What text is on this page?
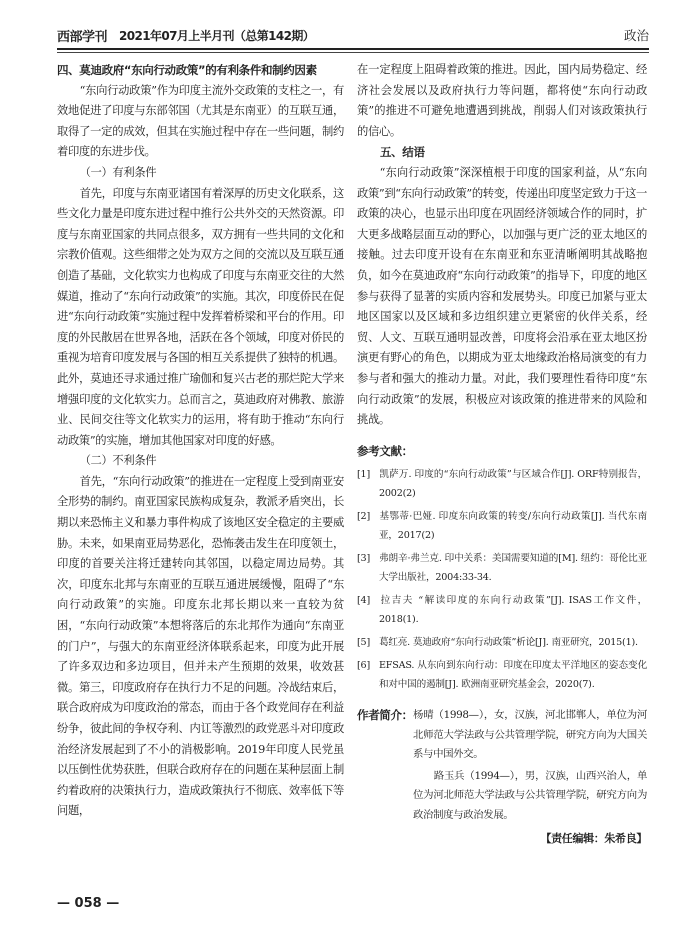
西部学刊 2021年07月上半月刊（总第142期）	政治

四、莫迪政府“东向行动政策”的有利条件和制约因素

“东向行动政策”作为印度主流外交政策的支柱之一，有效地促进了印度与东部邻国（尤其是东南亚）的互联互通，取得了一定的成效，但其在实施过程中存在一些问题，制约着印度的东进步伐。

（一）有利条件

首先，印度与东南亚诸国有着深厚的历史文化联系，这些文化力量是印度东进过程中推行公共外交的天然资源。印度与东南亚国家的共同点很多，双方拥有一些共同的文化和宗教价值观。这些细带之处为双方之间的交流以及互联互通创造了基础，文化软实力也构成了印度与东南亚交往的大然媒道，推动了“东向行动政策”的实施。其次，印度侨民在促进“东向行动政策”实施过程中发挥着桥梁和平台的作用。印度的外民散居在世界各地，活跃在各个领域，印度对侨民的重视为培育印度发展与各国的相互关系提供了独特的机遇。此外，莫迪还寻求通过推广瑜伽和复兴古老的那烂陀大学来增强印度的文化软实力。总而言之，莫迪政府对佛教、旅游业、民间交往等文化软实力的运用，将有助于推动“东向行动政策”的实施，增加其他国家对印度的好感。

（二）不利条件

首先，“东向行动政策”的推进在一定程度上受到南亚安全形势的制约。南亚国家民族构成复杂，教派矛盾突出，长期以来恐怖主义和暴力事件构成了该地区安全稳定的主要威胁。未来，如果南亚局势恶化，恐怖袭击发生在印度领土，印度的首要关注将迁建转向其邻国，以稳定周边局势。其次，印度东北邦与东南亚的互联互通进展缓慢，阻碍了“东向行动政策”的实施。印度东北邦长期以来一直较为贫困，“东向行动政策”本想将落后的东北邦作为通向“东南亚的门户”，与强大的东南亚经济体联系起来，印度为此开展了许多双边和多边项目，但并未产生预期的效果，收效甚微。第三，印度政府存在执行力不足的问题。冷战结束后，联合政府成为印度政治的常态，而由于各个政党间存在利益纷争，彼此间的争权夺利、内讧等激烈的政党恶斗对印度政治经济发展起到了不小的消极影响。2019年印度人民党虽以压倒性优势获胜，但联合政府存在的问题在某种层面上制约着政府的决策执行力，造成政策执行不彻底、效率低下等问题，

在一定程度上阻碍着政策的推进。因此，国内局势稳定、经济社会发展以及政府执行力等问题，都将使“东向行动政策”的推进不可避免地遭遇到挑战，削弱人们对该政策执行的信心。

五、结语

“东向行动政策”深深植根于印度的国家利益，从“东向政策”到“东向行动政策”的转变，传递出印度坚定致力于这一政策的决心，也显示出印度在巩固经济领域合作的同时，扩大更多战略层面互动的野心，以加强与更广泛的亚太地区的接触。过去印度开设有在东南亚和东亚清晰阐明其战略抱负，如今在莫迪政府“东向行动政策”的指导下，印度的地区参与获得了显著的实质内容和发展势头。印度已加紧与亚太地区国家以及区域和多边组织建立更紧密的伙伴关系，经贸、人文、互联互通明显改善，印度将会沿承在亚太地区扮演更有野心的角色，以期成为亚太地缘政治格局演变的有力参与者和强大的推动力量。对此，我们要理性看待印度“东向行动政策”的发展，积极应对该政策的推进带来的风险和挑战。

参考文献：
[1] 凯萨万. 印度的“东向行动政策”与区域合作[J]. ORF特别报告，2002(2)
[2] 基鄂蒂·巴娅. 印度东向政策的转变/东向行动政策[J]. 当代东南亚，2017(2)
[3] 弗朗辛·弗兰克. 印中关系：美国需要知道的[M]. 纽约：哥伦比亚大学出版社，2004:33-34.
[4] 拉吉夫 “解读印度的东向行动政策”[J]. ISAS工作文件，2018(1).
[5] 葛红亮. 莫迪政府“东向行动政策”析论[J]. 南亚研究，2015(1).
[6] EFSAS. 从东向到东向行动：印度在印度太平洋地区的姿态变化和对中国的遏制[J]. 欧洲南亚研究基金会，2020(7).
作者简介： 杨晴（1998—），女，汉族，河北邯郸人，单位为河北师范大学法政与公共管理学院，研究方向为大国关系与中国外交。
路玉兵（1994—），男，汉族，山西兴治人，单位为河北师范大学法政与公共管理学院，研究方向为政治制度与政治发展。
【责任编辑：朱希良】
— 058 —
